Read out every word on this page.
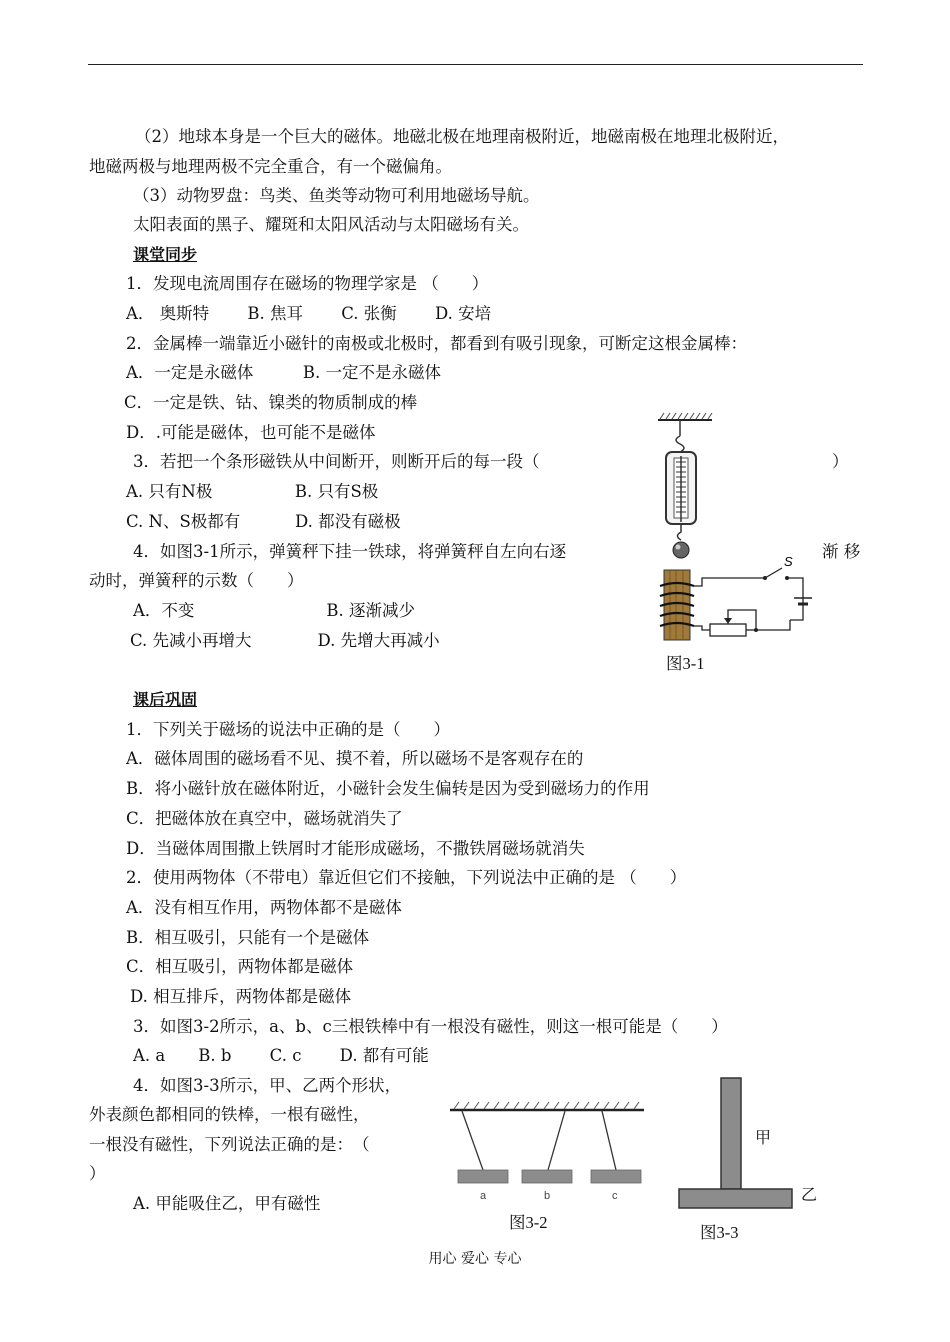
（2）地球本身是一个巨大的磁体。地磁北极在地理南极附近，地磁南极在地理北极附近，
地磁两极与地理两极不完全重合，有一个磁偏角。
（3）动物罗盘：鸟类、鱼类等动物可利用地磁场导航。
太阳表面的黑子、耀斑和太阳风活动与太阳磁场有关。
课堂同步
1．发现电流周围存在磁场的物理学家是 （　　）
A． 奥斯特　　 B. 焦耳　　 C. 张衡　　 D. 安培
2．金属棒一端靠近小磁针的南极或北极时，都看到有吸引现象，可断定这根金属棒：
A．一定是永磁体　　　B. 一定不是永磁体
C．一定是铁、钴、镍类的物质制成的棒
D．.可能是磁体，也可能不是磁体
3．若把一个条形磁铁从中间断开，则断开后的每一段（	）
A. 只有N极　　　　　B. 只有S极
C. N、S极都有　　　 D. 都没有磁极
4．如图3-1所示，弹簧秤下挂一铁球，将弹簧秤自左向右逐	渐 移
动时，弹簧秤的示数（　　）
A．不变　　　　　　　　B. 逐渐减少
C. 先减小再增大　　　　D. 先增大再减小
S
图3-1
课后巩固
1．下列关于磁场的说法中正确的是（　　）
A．磁体周围的磁场看不见、摸不着，所以磁场不是客观存在的
B．将小磁针放在磁体附近，小磁针会发生偏转是因为受到磁场力的作用
C．把磁体放在真空中，磁场就消失了
D．当磁体周围撒上铁屑时才能形成磁场，不撒铁屑磁场就消失
2．使用两物体（不带电）靠近但它们不接触，下列说法中正确的是 （　　）
A．没有相互作用，两物体都不是磁体
B．相互吸引，只能有一个是磁体
C．相互吸引，两物体都是磁体
D. 相互排斥，两物体都是磁体
3．如图3-2所示，a、b、c三根铁棒中有一根没有磁性，则这一根可能是（　　）
A. a　　B. b　　 C. c　　 D. 都有可能
4．如图3-3所示，甲、乙两个形状，
外表颜色都相同的铁棒，一根有磁性，
一根没有磁性，下列说法正确的是：　（
）
A. 甲能吸住乙，甲有磁性	a	b	c
图3-2
甲
乙
图3-3
用心 爱心 专心
